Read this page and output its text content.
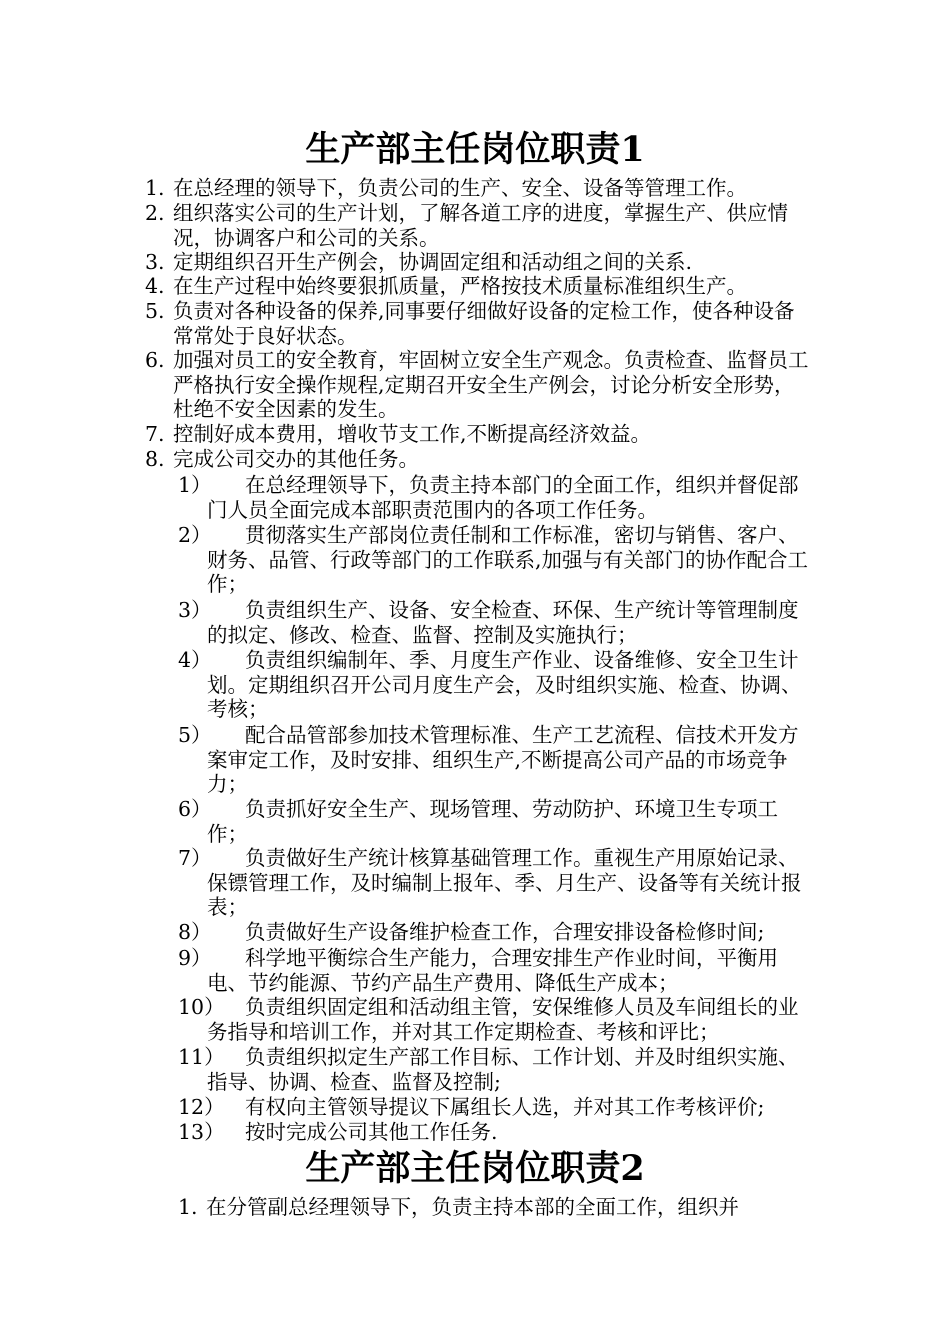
生产部主任岗位职责1
1. 在总经理的领导下，负责公司的生产、安全、设备等管理工作。
2. 组织落实公司的生产计划，了解各道工序的进度，掌握生产、供应情况，协调客户和公司的关系。
3. 定期组织召开生产例会，协调固定组和活动组之间的关系.
4. 在生产过程中始终要狠抓质量，严格按技术质量标准组织生产。
5. 负责对各种设备的保养,同事要仔细做好设备的定检工作，使各种设备常常处于良好状态。
6. 加强对员工的安全教育，牢固树立安全生产观念。负责检查、监督员工严格执行安全操作规程,定期召开安全生产例会，讨论分析安全形势，杜绝不安全因素的发生。
7. 控制好成本费用，增收节支工作,不断提高经济效益。
8. 完成公司交办的其他任务。
1）	在总经理领导下，负责主持本部门的全面工作，组织并督促部门人员全面完成本部职责范围内的各项工作任务。
2）	贯彻落实生产部岗位责任制和工作标准，密切与销售、客户、财务、品管、行政等部门的工作联系,加强与有关部门的协作配合工作；
3）	负责组织生产、设备、安全检查、环保、生产统计等管理制度的拟定、修改、检查、监督、控制及实施执行；
4）	负责组织编制年、季、月度生产作业、设备维修、安全卫生计划。定期组织召开公司月度生产会，及时组织实施、检查、协调、考核；
5）	配合品管部参加技术管理标准、生产工艺流程、信技术开发方案审定工作，及时安排、组织生产,不断提高公司产品的市场竞争力；
6）	负责抓好安全生产、现场管理、劳动防护、环境卫生专项工作；
7）	负责做好生产统计核算基础管理工作。重视生产用原始记录、保镖管理工作，及时编制上报年、季、月生产、设备等有关统计报表；
8）	负责做好生产设备维护检查工作，合理安排设备检修时间;
9）	科学地平衡综合生产能力，合理安排生产作业时间，平衡用电、节约能源、节约产品生产费用、降低生产成本；
10） 负责组织固定组和活动组主管，安保维修人员及车间组长的业务指导和培训工作，并对其工作定期检查、考核和评比；
11） 负责组织拟定生产部工作目标、工作计划、并及时组织实施、指导、协调、检查、监督及控制;
12） 有权向主管领导提议下属组长人选，并对其工作考核评价;
13） 按时完成公司其他工作任务.
生产部主任岗位职责2
1. 在分管副总经理领导下，负责主持本部的全面工作，组织并
